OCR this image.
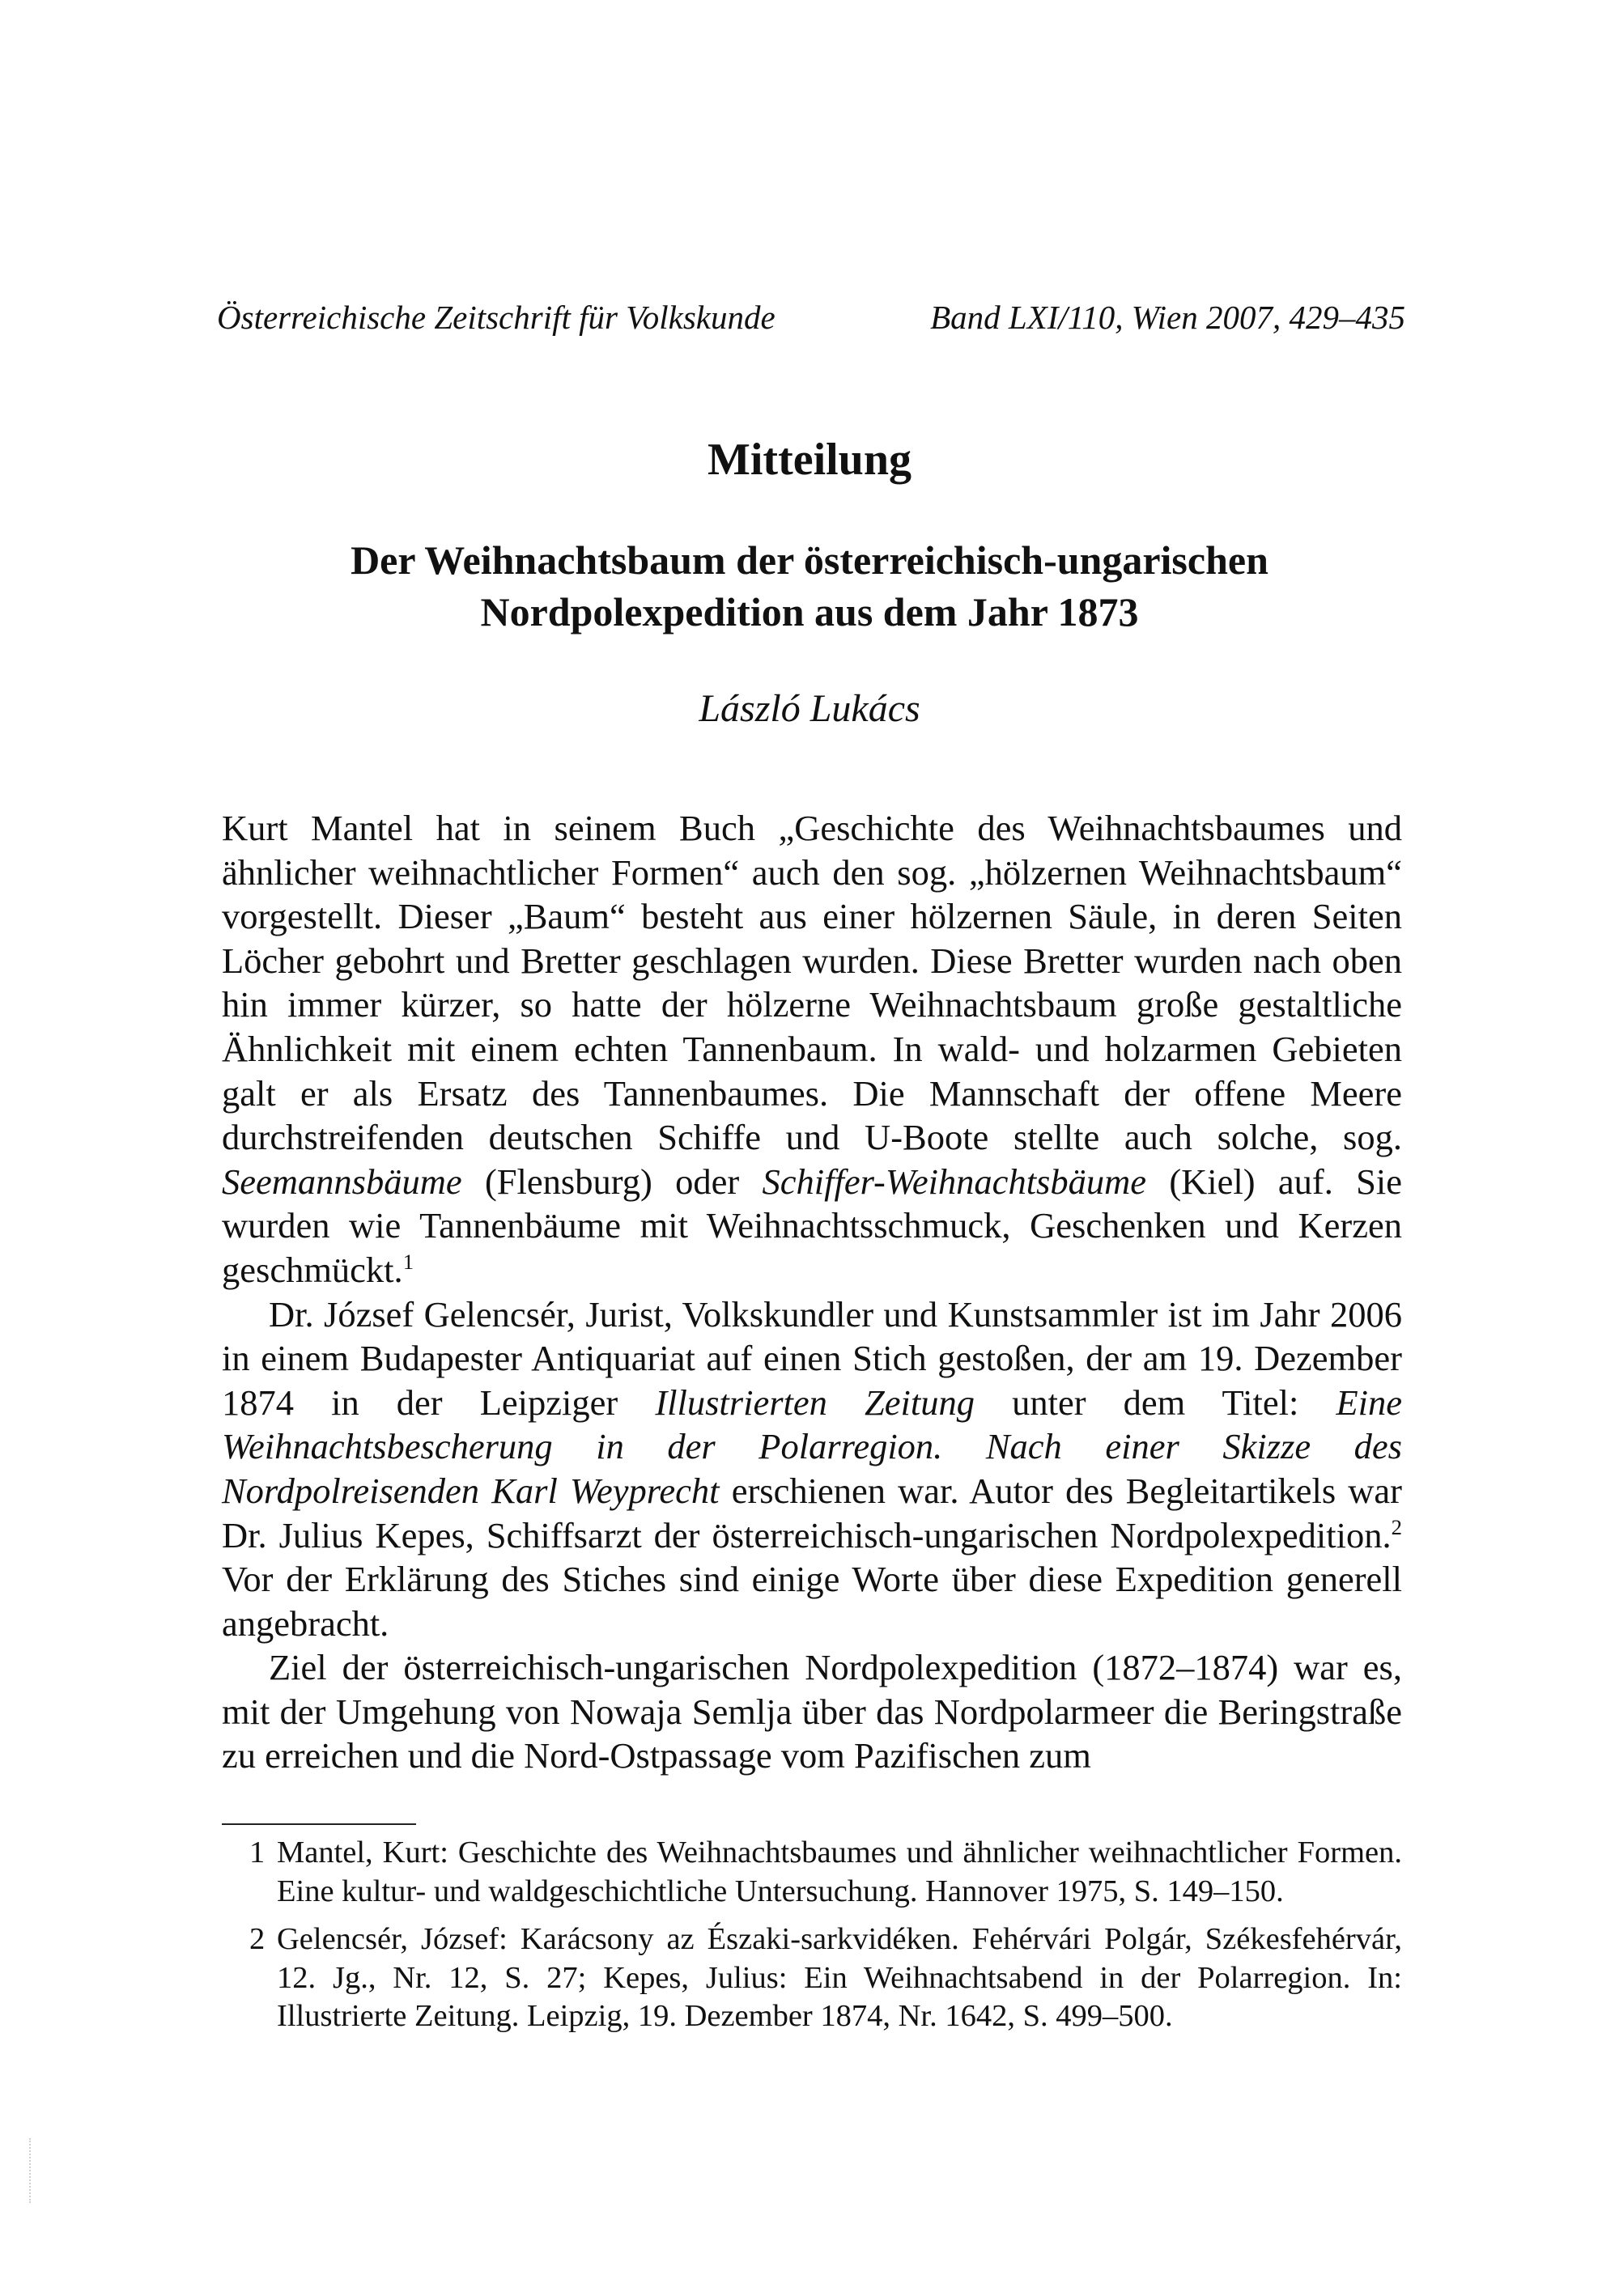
Österreichische Zeitschrift für Volkskunde	Band LXI/110, Wien 2007, 429–435
Mitteilung
Der Weihnachtsbaum der österreichisch-ungarischen
Nordpolexpedition aus dem Jahr 1873
László Lukács

Kurt Mantel hat in seinem Buch „Geschichte des Weihnachtsbaumes und ähnlicher weihnachtlicher Formen“ auch den sog. „hölzernen Weihnachtsbaum“ vorgestellt. Dieser „Baum“ besteht aus einer hölzernen Säule, in deren Seiten Löcher gebohrt und Bretter geschlagen wurden. Diese Bretter wurden nach oben hin immer kürzer, so hatte der hölzerne Weihnachtsbaum große gestaltliche Ähnlichkeit mit einem echten Tannenbaum. In wald- und holzarmen Gebieten galt er als Ersatz des Tannenbaumes. Die Mannschaft der offene Meere durchstreifenden deutschen Schiffe und U-Boote stellte auch solche, sog. Seemannsbäume (Flensburg) oder Schiffer-Weihnachtsbäume (Kiel) auf. Sie wurden wie Tannenbäume mit Weihnachtsschmuck, Geschenken und Kerzen geschmückt.$^1$

Dr. József Gelencsér, Jurist, Volkskundler und Kunstsammler ist im Jahr 2006 in einem Budapester Antiquariat auf einen Stich gestoßen, der am 19. Dezember 1874 in der Leipziger Illustrierten Zeitung unter dem Titel: Eine Weihnachtsbescherung in der Polarregion. Nach einer Skizze des Nordpolreisenden Karl Weyprecht erschienen war. Autor des Begleitartikels war Dr. Julius Kepes, Schiffsarzt der österreichisch-ungarischen Nordpolexpedition.$^2$ Vor der Erklärung des Stiches sind einige Worte über diese Expedition generell angebracht.

Ziel der österreichisch-ungarischen Nordpolexpedition (1872–1874) war es, mit der Umgehung von Nowaja Semlja über das Nordpolarmeer die Beringstraße zu erreichen und die Nord-Ostpassage vom Pazifischen zum

1 Mantel, Kurt: Geschichte des Weihnachtsbaumes und ähnlicher weihnachtlicher Formen. Eine kultur- und waldgeschichtliche Untersuchung. Hannover 1975, S. 149–150.
2 Gelencsér, József: Karácsony az Északi-sarkvidéken. Fehérvári Polgár, Székesfehérvár, 12. Jg., Nr. 12, S. 27; Kepes, Julius: Ein Weihnachtsabend in der Polarregion. In: Illustrierte Zeitung. Leipzig, 19. Dezember 1874, Nr. 1642, S. 499–500.
